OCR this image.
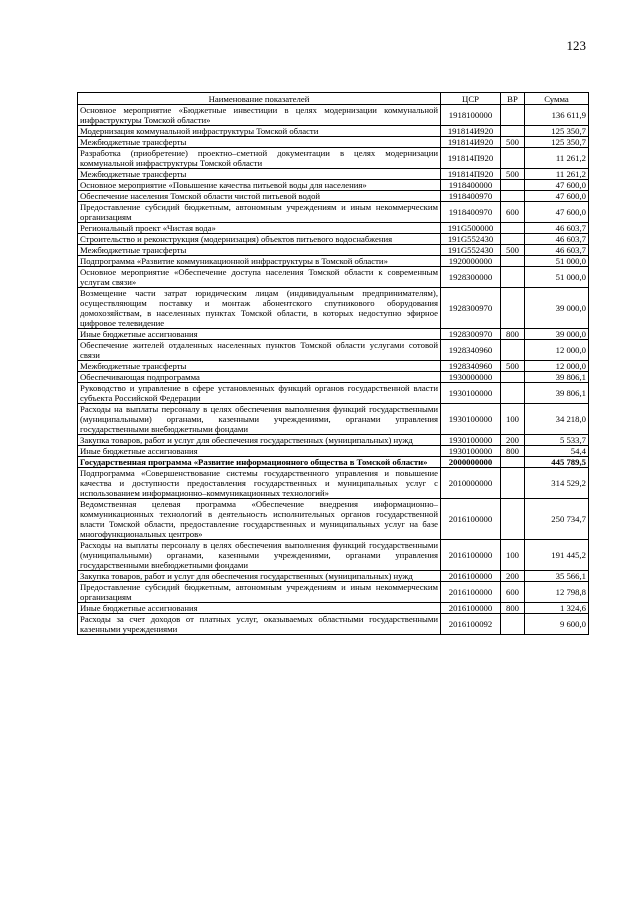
123
Наименование показателей	ЦСР	ВР	Сумма
Основное мероприятие «Бюджетные инвестиции в целях модернизации коммунальной инфраструктуры Томской области»	1918100000		136 611,9
Модернизация коммунальной инфраструктуры Томской области	191814И920		125 350,7
Межбюджетные трансферты	191814И920	500	125 350,7
Разработка (приобретение) проектно–сметной документации в целях модернизации коммунальной инфраструктуры Томской области	191814П920		11 261,2
Межбюджетные трансферты	191814П920	500	11 261,2
Основное мероприятие «Повышение качества питьевой воды для населения»	1918400000		47 600,0
Обеспечение населения Томской области чистой питьевой водой	1918400970		47 600,0
Предоставление субсидий бюджетным, автономным учреждениям и иным некоммерческим организациям	1918400970	600	47 600,0
Региональный проект «Чистая вода»	191G500000		46 603,7
Строительство и реконструкция (модернизация) объектов питьевого водоснабжения	191G552430		46 603,7
Межбюджетные трансферты	191G552430	500	46 603,7
Подпрограмма «Развитие коммуникационной инфраструктуры в Томской области»	1920000000		51 000,0
Основное мероприятие «Обеспечение доступа населения Томской области к современным услугам связи»	1928300000		51 000,0
Возмещение части затрат юридическим лицам (индивидуальным предпринимателям), осуществляющим поставку и монтаж абонентского спутникового оборудования домохозяйствам, в населенных пунктах Томской области, в которых недоступно эфирное цифровое телевидение	1928300970		39 000,0
Иные бюджетные ассигнования	1928300970	800	39 000,0
Обеспечение жителей отдаленных населенных пунктов Томской области услугами сотовой связи	1928340960		12 000,0
Межбюджетные трансферты	1928340960	500	12 000,0
Обеспечивающая подпрограмма	1930000000		39 806,1
Руководство и управление в сфере установленных функций органов государственной власти субъекта Российской Федерации	1930100000		39 806,1
Расходы на выплаты персоналу в целях обеспечения выполнения функций государственными (муниципальными) органами, казенными учреждениями, органами управления государственными внебюджетными фондами	1930100000	100	34 218,0
Закупка товаров, работ и услуг для обеспечения государственных (муниципальных) нужд	1930100000	200	5 533,7
Иные бюджетные ассигнования	1930100000	800	54,4
Государственная программа «Развитие информационного общества в Томской области»	2000000000		445 789,5
Подпрограмма «Совершенствование системы государственного управления и повышение качества и доступности предоставления государственных и муниципальных услуг с использованием информационно–коммуникационных технологий»	2010000000		314 529,2
Ведомственная целевая программа «Обеспечение внедрения информационно–коммуникационных технологий в деятельность исполнительных органов государственной власти Томской области, предоставление государственных и муниципальных услуг на базе многофункциональных центров»	2016100000		250 734,7
Расходы на выплаты персоналу в целях обеспечения выполнения функций государственными (муниципальными) органами, казенными учреждениями, органами управления государственными внебюджетными фондами	2016100000	100	191 445,2
Закупка товаров, работ и услуг для обеспечения государственных (муниципальных) нужд	2016100000	200	35 566,1
Предоставление субсидий бюджетным, автономным учреждениям и иным некоммерческим организациям	2016100000	600	12 798,8
Иные бюджетные ассигнования	2016100000	800	1 324,6
Расходы за счет доходов от платных услуг, оказываемых областными государственными казенными учреждениями	2016100092		9 600,0
